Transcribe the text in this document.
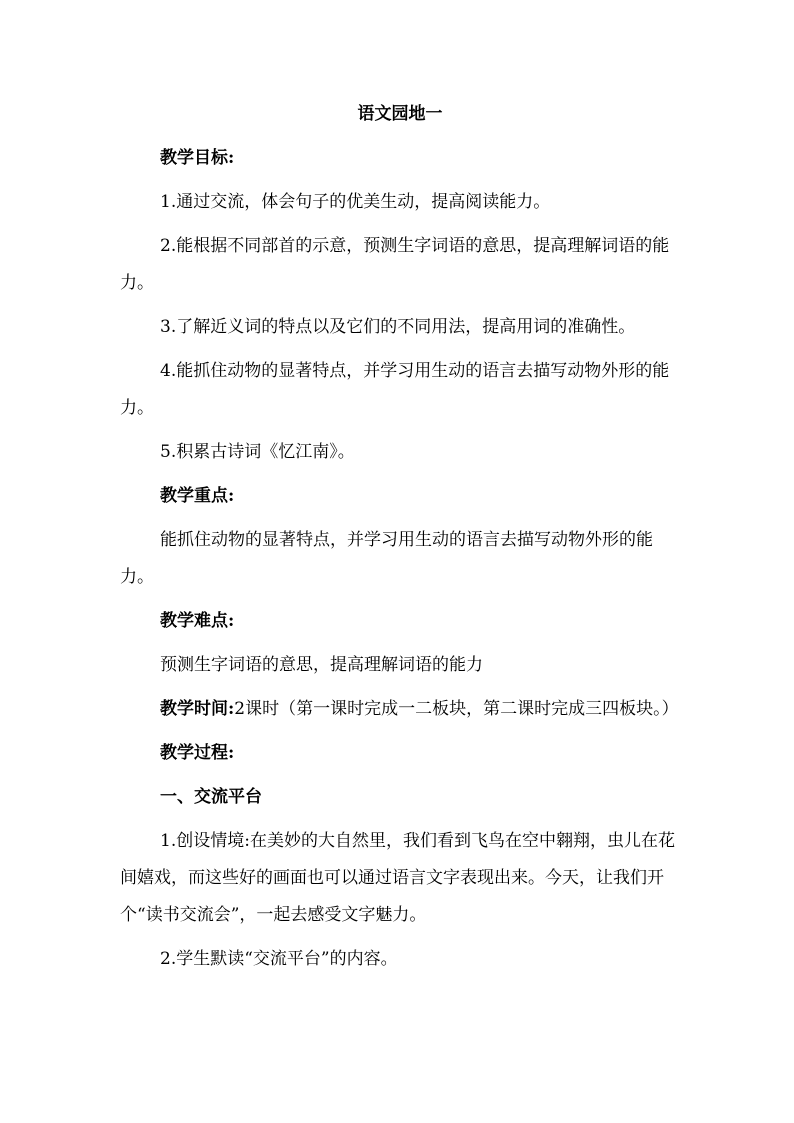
语文园地一

教学目标:

1.通过交流，体会句子的优美生动，提高阅读能力。

2.能根据不同部首的示意，预测生字词语的意思，提高理解词语的能力。

3.了解近义词的特点以及它们的不同用法，提高用词的准确性。

4.能抓住动物的显著特点，并学习用生动的语言去描写动物外形的能力。

5.积累古诗词《忆江南》。

教学重点:

能抓住动物的显著特点，并学习用生动的语言去描写动物外形的能力。

教学难点:

预测生字词语的意思，提高理解词语的能力

教学时间:2课时（第一课时完成一二板块，第二课时完成三四板块。）

教学过程:

一、交流平台

1.创设情境:在美妙的大自然里，我们看到飞鸟在空中翱翔，虫儿在花间嬉戏，而这些好的画面也可以通过语言文字表现出来。今天，让我们开个“读书交流会”，一起去感受文字魅力。

2.学生默读“交流平台”的内容。
